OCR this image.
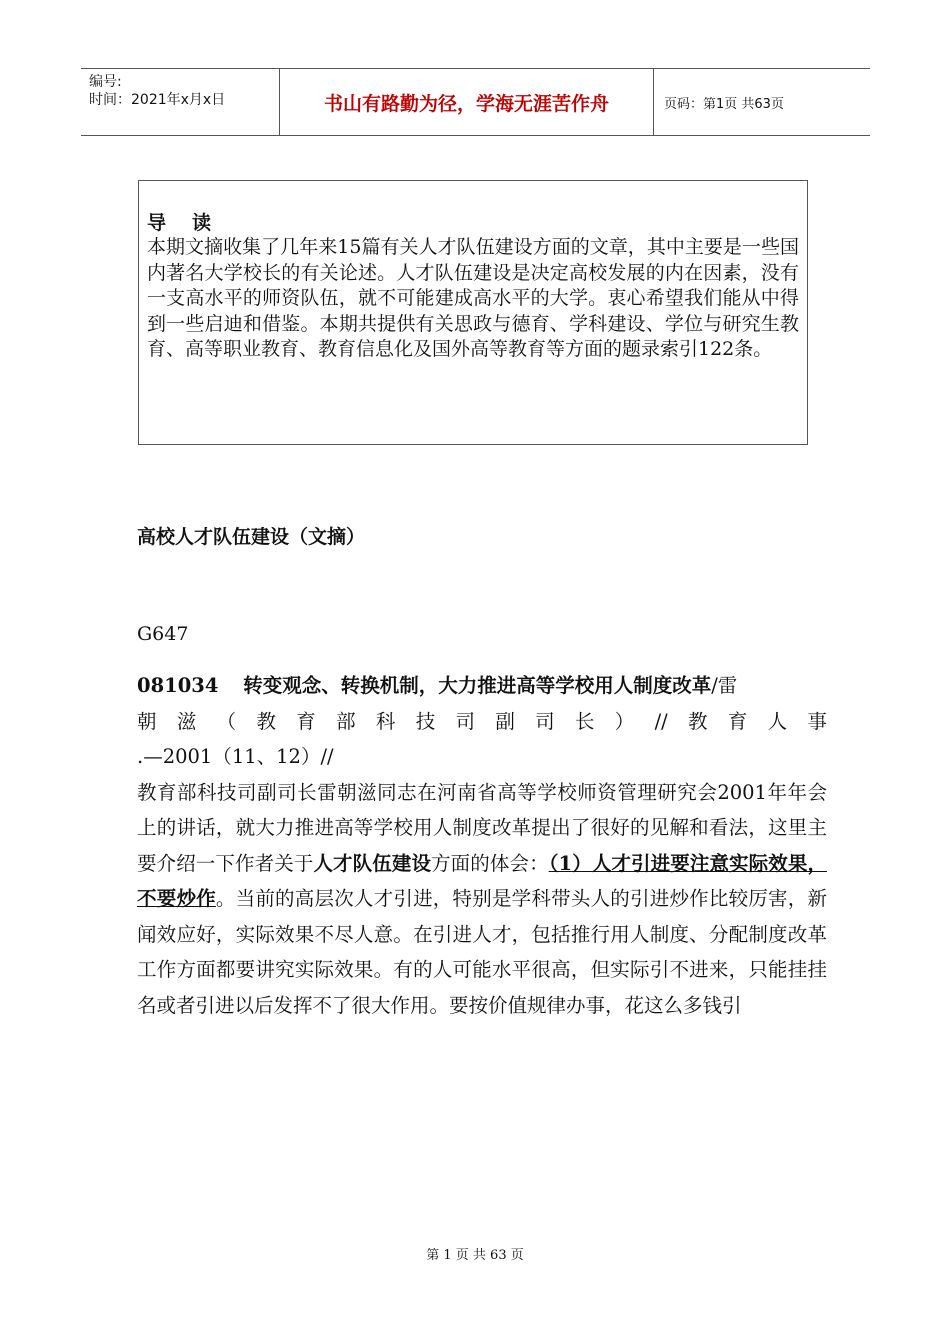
编号:
时间：2021年x月x日	书山有路勤为径，学海无涯苦作舟	页码：第1页 共63页
导读
本期文摘收集了几年来15篇有关人才队伍建设方面的文章，其中主要是一些国内著名大学校长的有关论述。人才队伍建设是决定高校发展的内在因素，没有一支高水平的师资队伍，就不可能建成高水平的大学。衷心希望我们能从中得到一些启迪和借鉴。本期共提供有关思政与德育、学科建设、学位与研究生教育、高等职业教育、教育信息化及国外高等教育等方面的题录索引122条。
高校人才队伍建设（文摘）
G647

081034 转变观念、转换机制，大力推进高等学校用人制度改革/雷

朝 滋 （ 教 育 部 科 技 司 副 司 长 ） // 教 育 人 事

.—2001（11、12）//

教育部科技司副司长雷朝滋同志在河南省高等学校师资管理研究会2001年年会上的讲话，就大力推进高等学校用人制度改革提出了很好的见解和看法，这里主要介绍一下作者关于人才队伍建设方面的体会：（1）人才引进要注意实际效果，不要炒作。当前的高层次人才引进，特别是学科带头人的引进炒作比较厉害，新闻效应好，实际效果不尽人意。在引进人才，包括推行用人制度、分配制度改革工作方面都要讲究实际效果。有的人可能水平很高，但实际引不进来，只能挂挂名或者引进以后发挥不了很大作用。要按价值规律办事，花这么多钱引

第 1 页 共 63 页
